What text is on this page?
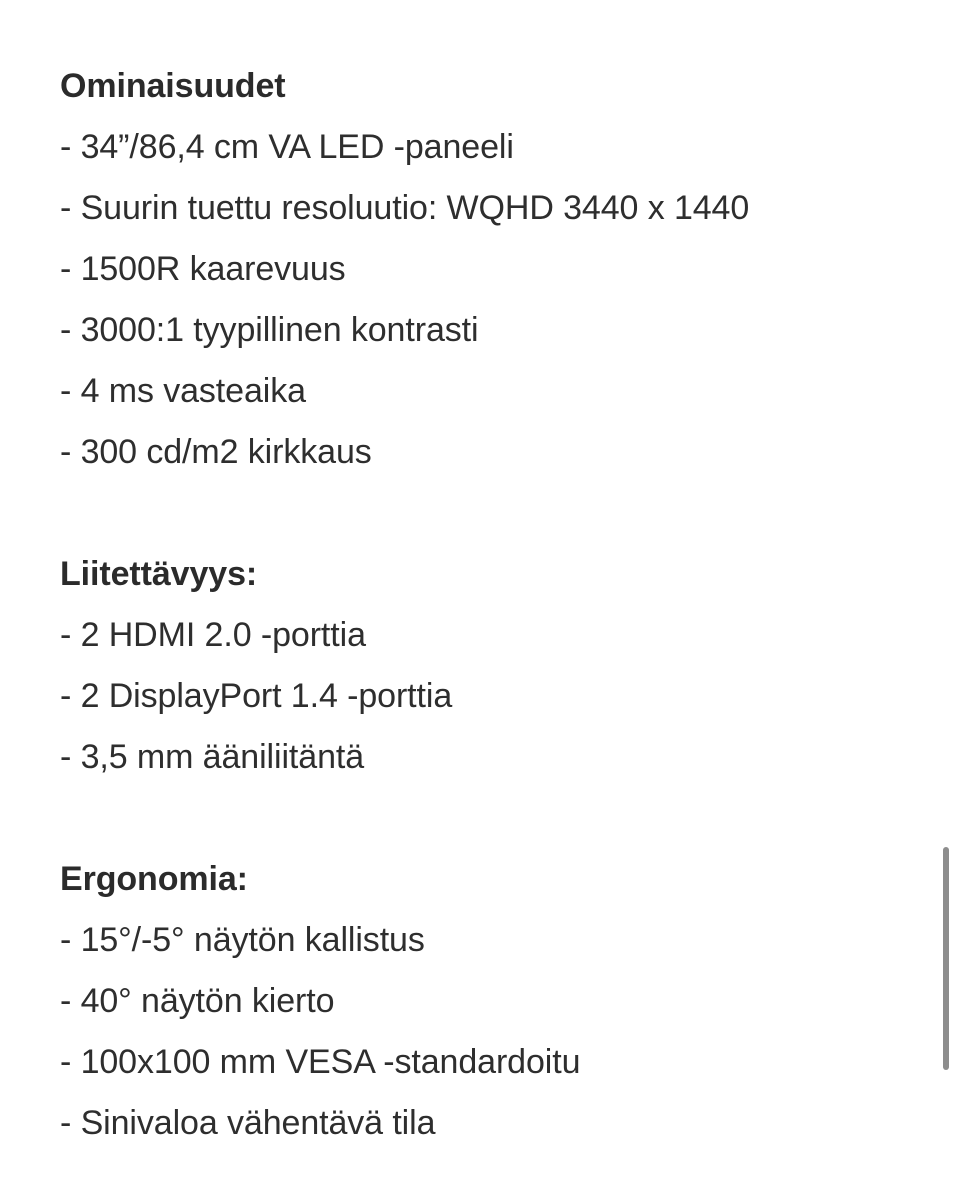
Ominaisuudet
- 34”/86,4 cm VA LED -paneeli
- Suurin tuettu resoluutio: WQHD 3440 x 1440
- 1500R kaarevuus
- 3000:1 tyypillinen kontrasti
- 4 ms vasteaika
- 300 cd/m2 kirkkaus
Liitettävyys:
- 2 HDMI 2.0 -porttia
- 2 DisplayPort 1.4 -porttia
- 3,5 mm ääniliitäntä
Ergonomia:
- 15°/-5° näytön kallistus
- 40° näytön kierto
- 100x100 mm VESA -standardoitu
- Sinivaloa vähentävä tila
